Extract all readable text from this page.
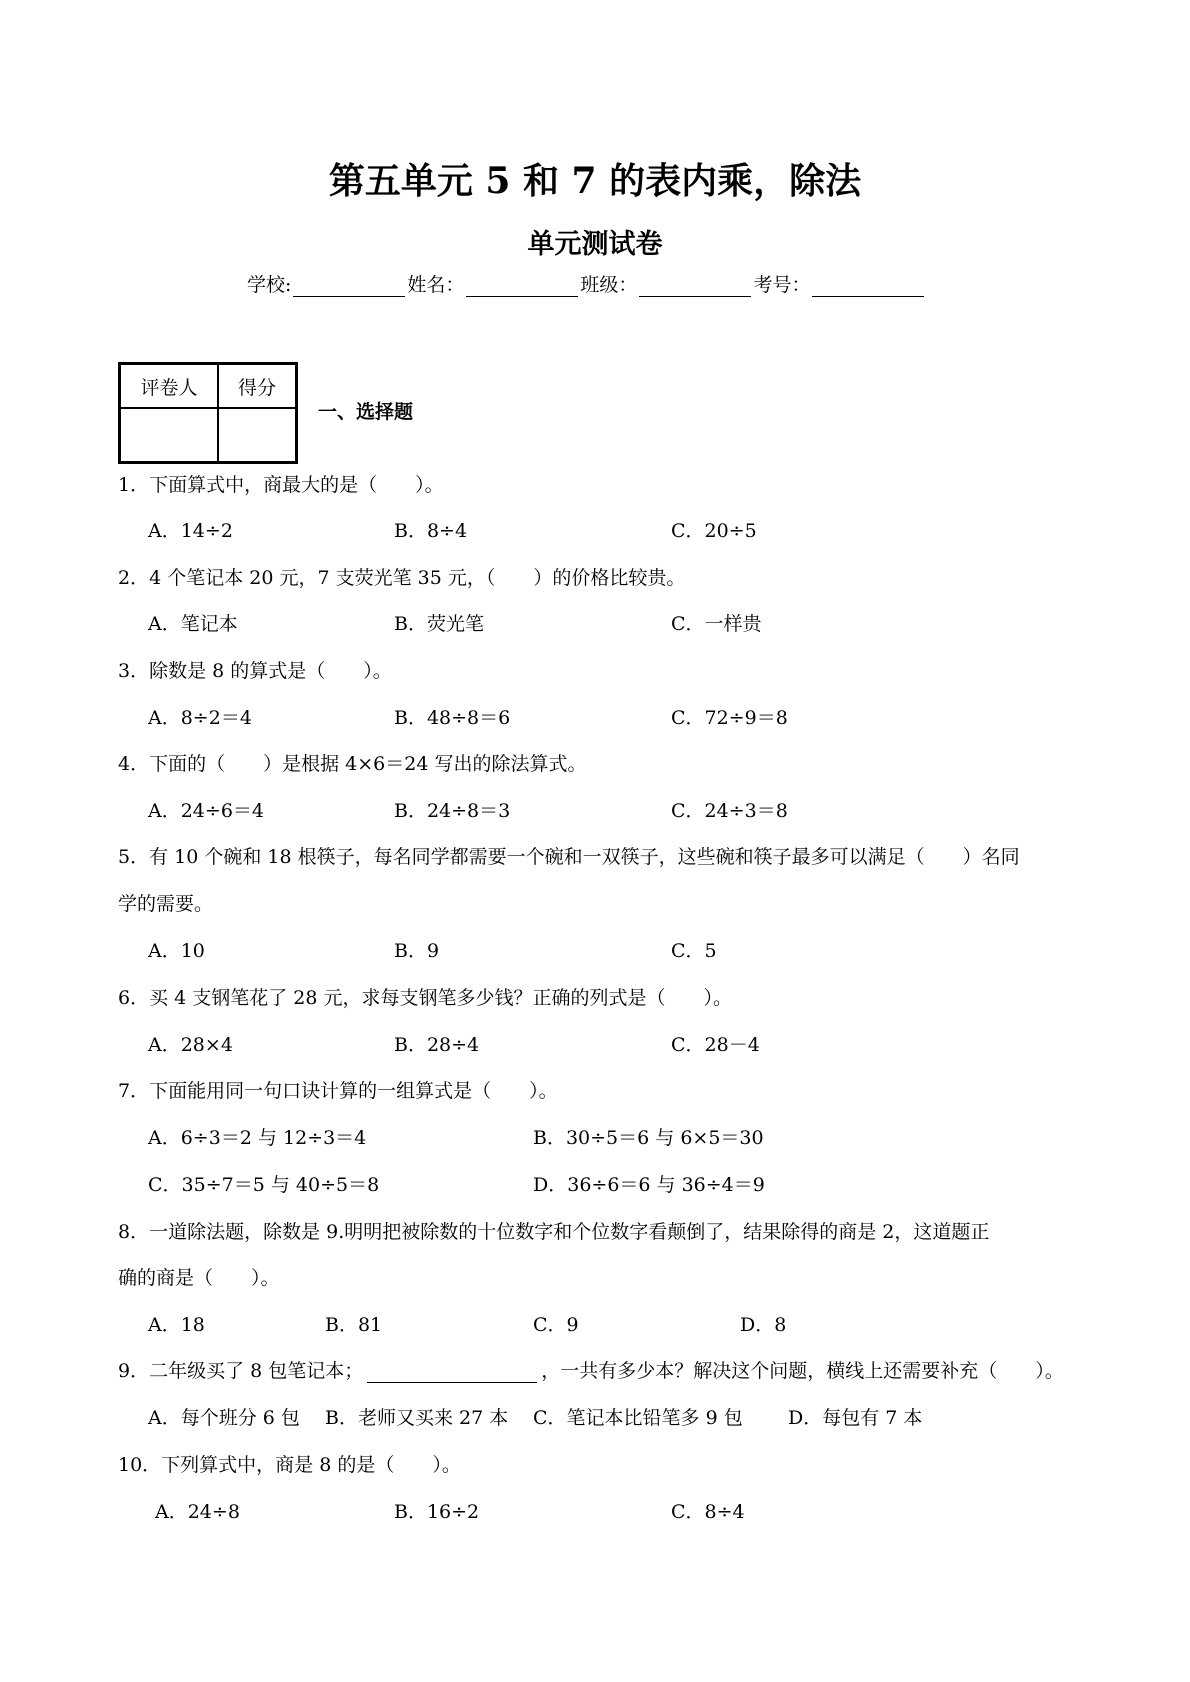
第五单元 5 和 7 的表内乘，除法
单元测试卷
学校:	姓名：	班级：	考号：
评卷人	得分

一、选择题
1．下面算式中，商最大的是（　　）。
A．14÷2	B．8÷4	C．20÷5
2．4 个笔记本 20 元，7 支荧光笔 35 元，（　　）的价格比较贵。
A．笔记本	B．荧光笔	C．一样贵
3．除数是 8 的算式是（　　）。
A．8÷2＝4	B．48÷8＝6	C．72÷9＝8
4．下面的（　　）是根据 4×6＝24 写出的除法算式。
A．24÷6＝4	B．24÷8＝3	C．24÷3＝8
5．有 10 个碗和 18 根筷子，每名同学都需要一个碗和一双筷子，这些碗和筷子最多可以满足（　　）名同
学的需要。
A．10	B．9	C．5
6．买 4 支钢笔花了 28 元，求每支钢笔多少钱？正确的列式是（　　）。
A．28×4	B．28÷4	C．28－4
7．下面能用同一句口诀计算的一组算式是（　　）。
A．6÷3＝2 与 12÷3＝4	B．30÷5＝6 与 6×5＝30
C．35÷7＝5 与 40÷5＝8	D．36÷6＝6 与 36÷4＝9
8．一道除法题，除数是 9.明明把被除数的十位数字和个位数字看颠倒了，结果除得的商是 2，这道题正
确的商是（　　）。
A．18	B．81	C．9	D．8
9．二年级买了 8 包笔记本；	，一共有多少本？解决这个问题，横线上还需要补充（　　）。
A．每个班分 6 包 B．老师又买来 27 本 C．笔记本比铅笔多 9 包 D．每包有 7 本
10．下列算式中，商是 8 的是（　　）。
A．24÷8	B．16÷2	C．8÷4
